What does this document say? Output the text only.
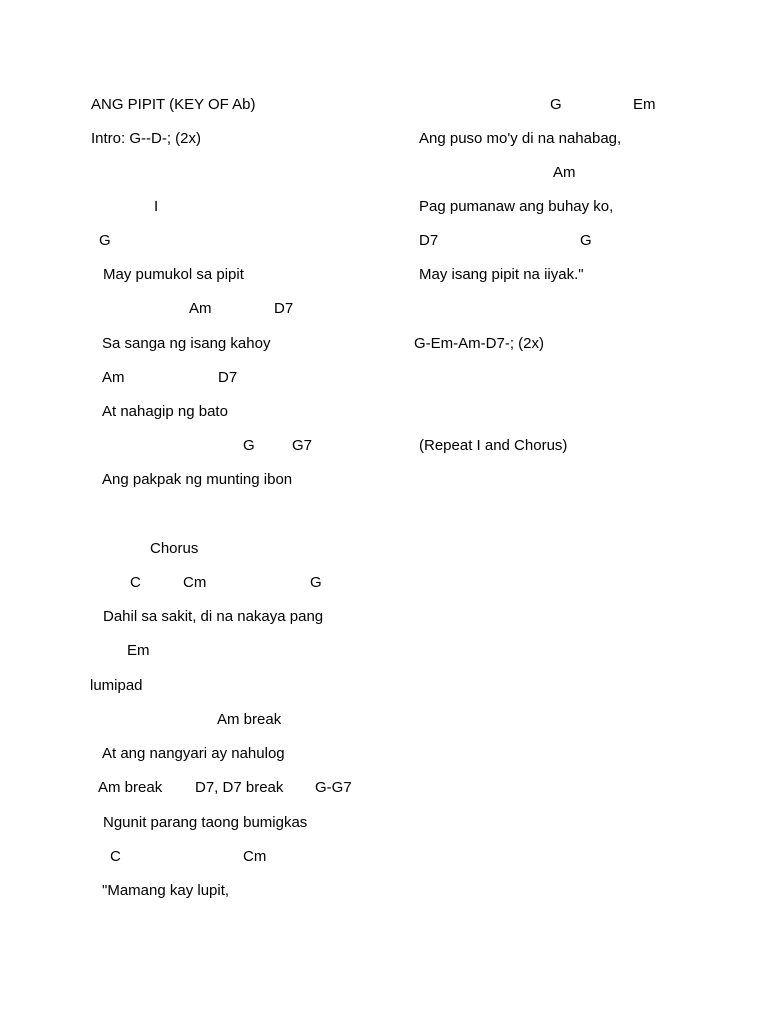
ANG PIPIT (KEY OF Ab)
Intro: G--D-; (2x)
I
G
May pumukol sa pipit
Am	D7
Sa sanga ng isang kahoy
Am	D7
At nahagip ng bato
G G7
Ang pakpak ng munting ibon
Chorus
C	Cm	G
Dahil sa sakit, di na nakaya pang
Em
lumipad
Am break
At ang nangyari ay nahulog
Am break D7, D7 break G-G7
Ngunit parang taong bumigkas
C	Cm
"Mamang kay lupit,
G	Em
Ang puso mo'y di na nahabag,
Am
Pag pumanaw ang buhay ko,
D7	G
May isang pipit na iiyak."
G-Em-Am-D7-; (2x)
(Repeat I and Chorus)
